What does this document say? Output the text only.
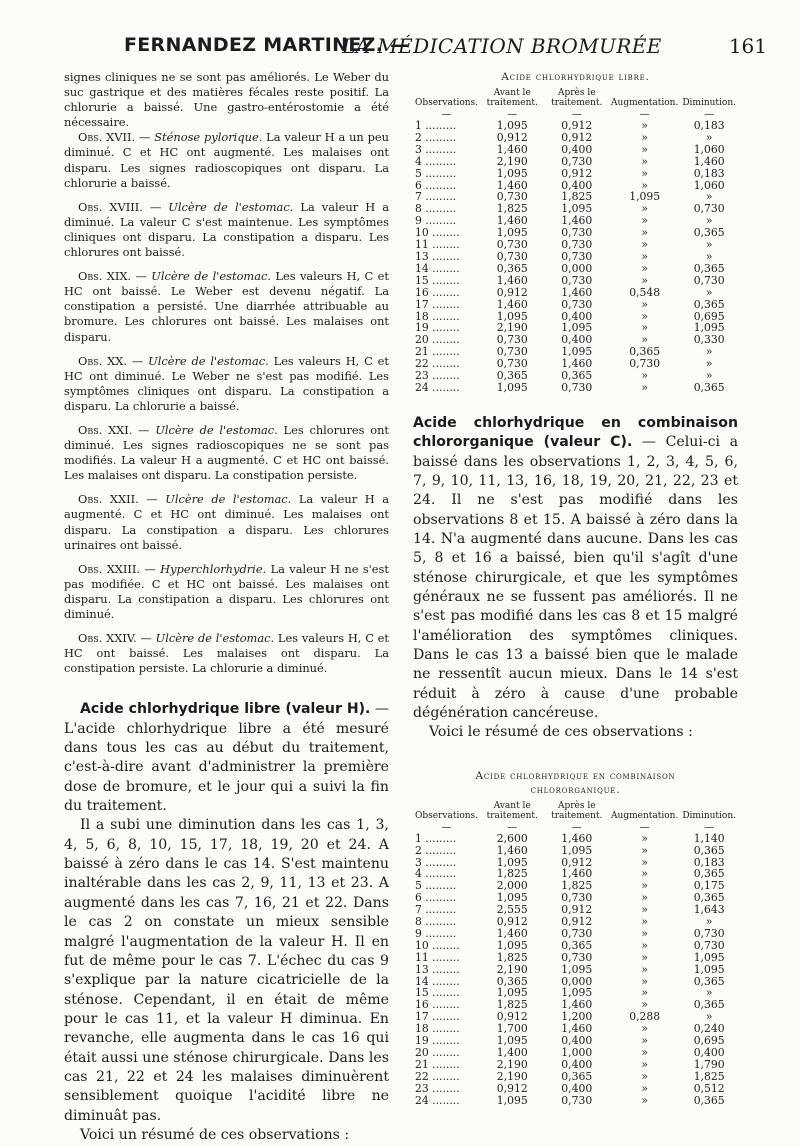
FERNANDEZ MARTINEZ. —
LA MÉDICATION BROMURÉE	161

signes cliniques ne se sont pas améliorés. Le Weber du suc gastrique et des matières fécales reste positif. La chlorurie a baissé. Une gastro-entérostomie a été nécessaire.

Obs. XVII. — Sténose pylorique. La valeur H a un peu diminué. C et HC ont augmenté. Les malaises ont disparu. Les signes radioscopiques ont disparu. La chlorurie a baissé.

Obs. XVIII. — Ulcère de l'estomac. La valeur H a diminué. La valeur C s'est maintenue. Les symptômes cliniques ont disparu. La constipation a disparu. Les chlorures ont baissé.

Obs. XIX. — Ulcère de l'estomac. Les valeurs H, C et HC ont baissé. Le Weber est devenu négatif. La constipation a persisté. Une diarrhée attribuable au bromure. Les chlorures ont baissé. Les malaises ont disparu.

Obs. XX. — Ulcère de l'estomac. Les valeurs H, C et HC ont diminué. Le Weber ne s'est pas modifié. Les symptômes cliniques ont disparu. La constipation a disparu. La chlorurie a baissé.

Obs. XXI. — Ulcère de l'estomac. Les chlorures ont diminué. Les signes radioscopiques ne se sont pas modifiés. La valeur H a augmenté. C et HC ont baissé. Les malaises ont disparu. La constipation persiste.

Obs. XXII. — Ulcère de l'estomac. La valeur H a augmenté. C et HC ont diminué. Les malaises ont disparu. La constipation a disparu. Les chlorures urinaires ont baissé.

Obs. XXIII. — Hyperchlorhydrie. La valeur H ne s'est pas modifiée. C et HC ont baissé. Les malaises ont disparu. La constipation a disparu. Les chlorures ont diminué.

Obs. XXIV. — Ulcère de l'estomac. Les valeurs H, C et HC ont baissé. Les malaises ont disparu. La constipation persiste. La chlorurie a diminué.

Acide chlorhydrique libre (valeur H). — L'acide chlorhydrique libre a été mesuré dans tous les cas au début du traitement, c'est-à-dire avant d'administrer la première dose de bromure, et le jour qui a suivi la fin du traitement.

Il a subi une diminution dans les cas 1, 3, 4, 5, 6, 8, 10, 15, 17, 18, 19, 20 et 24. A baissé à zéro dans le cas 14. S'est maintenu inaltérable dans les cas 2, 9, 11, 13 et 23. A augmenté dans les cas 7, 16, 21 et 22. Dans le cas 2 on constate un mieux sensible malgré l'augmentation de la valeur H. Il en fut de même pour le cas 7. L'échec du cas 9 s'explique par la nature cicatricielle de la sténose. Cependant, il en était de même pour le cas 11, et la valeur H diminua. En revanche, elle augmenta dans le cas 16 qui était aussi une sténose chirurgicale. Dans les cas 21, 22 et 24 les malaises diminuèrent sensiblement quoique l'acidité libre ne diminuât pas.

Voici un résumé de ces observations :

Acide chlorhydrique libre.

Observations.	Avant le traitement.	Après le traitement.	Augmentation.	Diminution.
—	—	—	—	—
1 .........	1,095	0,912	»	0,183
2 .........	0,912	0,912	»	»
3 .........	1,460	0,400	»	1,060
4 .........	2,190	0,730	»	1,460
5 .........	1,095	0,912	»	0,183
6 .........	1,460	0,400	»	1,060
7 .........	0,730	1,825	1,095	»
8 .........	1,825	1,095	»	0,730
9 .........	1,460	1,460	»	»
10 ........	1,095	0,730	»	0,365
11 ........	0,730	0,730	»	»
13 ........	0,730	0,730	»	»
14 ........	0,365	0,000	»	0,365
15 ........	1,460	0,730	»	0,730
16 ........	0,912	1,460	0,548	»
17 ........	1,460	0,730	»	0,365
18 ........	1,095	0,400	»	0,695
19 ........	2,190	1,095	»	1,095
20 ........	0,730	0,400	»	0,330
21 ........	0,730	1,095	0,365	»
22 ........	0,730	1,460	0,730	»
23 ........	0,365	0,365	»	»
24 ........	1,095	0,730	»	0,365

Acide chlorhydrique en combinaison chlororganique (valeur C). — Celui-ci a baissé dans les observations 1, 2, 3, 4, 5, 6, 7, 9, 10, 11, 13, 16, 18, 19, 20, 21, 22, 23 et 24. Il ne s'est pas modifié dans les observations 8 et 15. A baissé à zéro dans la 14. N'a augmenté dans aucune. Dans les cas 5, 8 et 16 a baissé, bien qu'il s'agît d'une sténose chirurgicale, et que les symptômes généraux ne se fussent pas améliorés. Il ne s'est pas modifié dans les cas 8 et 15 malgré l'amélioration des symptômes cliniques. Dans le cas 13 a baissé bien que le malade ne ressentît aucun mieux. Dans le 14 s'est réduit à zéro à cause d'une probable dégénération cancéreuse.

Voici le résumé de ces observations :

Acide chlorhydrique en combinaison

chlororganique.

Observations.	Avant le traitement.	Après le traitement.	Augmentation.	Diminution.
—	—	—	—	—
1 .........	2,600	1,460	»	1,140
2 .........	1,460	1,095	»	0,365
3 .........	1,095	0,912	»	0,183
4 .........	1,825	1,460	»	0,365
5 .........	2,000	1,825	»	0,175
6 .........	1,095	0,730	»	0,365
7 .........	2,555	0,912	»	1,643
8 .........	0,912	0,912	»	»
9 .........	1,460	0,730	»	0,730
10 ........	1,095	0,365	»	0,730
11 ........	1,825	0,730	»	1,095
13 ........	2,190	1,095	»	1,095
14 ........	0,365	0,000	»	0,365
15 ........	1,095	1,095	»	»
16 ........	1,825	1,460	»	0,365
17 ........	0,912	1,200	0,288	»
18 ........	1,700	1,460	»	0,240
19 ........	1,095	0,400	»	0,695
20 ........	1,400	1,000	»	0,400
21 ........	2,190	0,400	»	1,790
22 ........	2,190	0,365	»	1,825
23 ........	0,912	0,400	»	0,512
24 ........	1,095	0,730	»	0,365
